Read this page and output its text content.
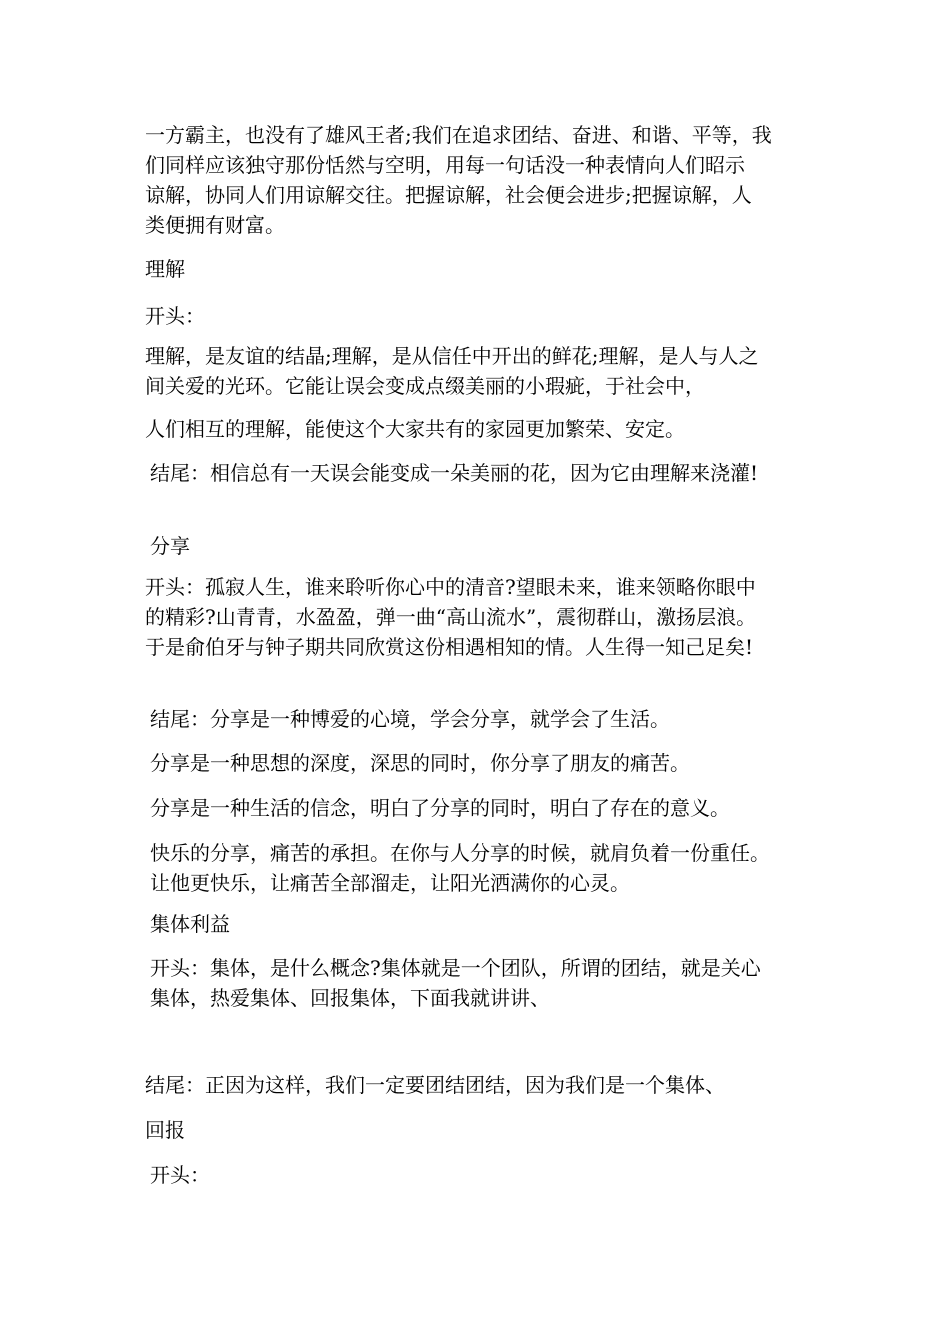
一方霸主，也没有了雄风王者;我们在追求团结、奋进、和谐、平等，我
们同样应该独守那份恬然与空明，用每一句话没一种表情向人们昭示
谅解，协同人们用谅解交往。把握谅解，社会便会进步;把握谅解，人
类便拥有财富。
理解
开头：
理解，是友谊的结晶;理解，是从信任中开出的鲜花;理解，是人与人之
间关爱的光环。它能让误会变成点缀美丽的小瑕疵，于社会中，
人们相互的理解，能使这个大家共有的家园更加繁荣、安定。
结尾：相信总有一天误会能变成一朵美丽的花，因为它由理解来浇灌!
分享
开头：孤寂人生，谁来聆听你心中的清音?望眼未来，谁来领略你眼中
的精彩?山青青，水盈盈，弹一曲“高山流水”，震彻群山，激扬层浪。
于是俞伯牙与钟子期共同欣赏这份相遇相知的情。人生得一知己足矣!
结尾：分享是一种博爱的心境，学会分享，就学会了生活。
分享是一种思想的深度，深思的同时，你分享了朋友的痛苦。
分享是一种生活的信念，明白了分享的同时，明白了存在的意义。
快乐的分享，痛苦的承担。在你与人分享的时候，就肩负着一份重任。
让他更快乐，让痛苦全部溜走，让阳光洒满你的心灵。
集体利益
开头：集体，是什么概念?集体就是一个团队，所谓的团结，就是关心
集体，热爱集体、回报集体，下面我就讲讲、
结尾：正因为这样，我们一定要团结团结，因为我们是一个集体、
回报
开头：
